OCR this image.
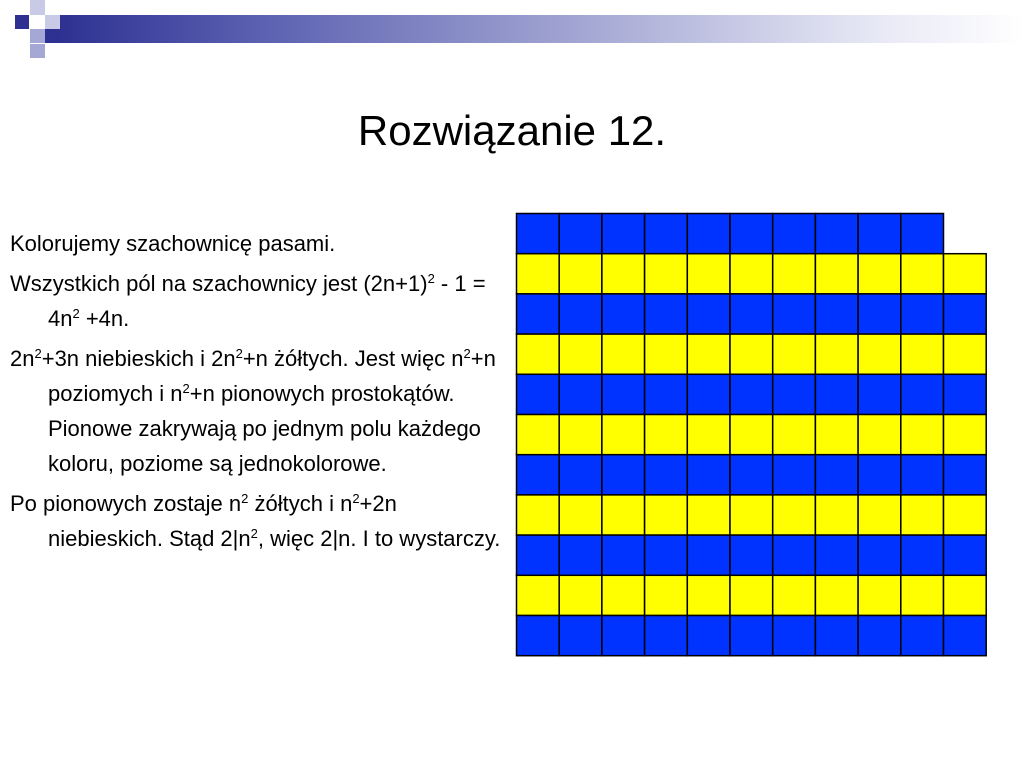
Rozwiązanie 12.

Kolorujemy szachownicę pasami.

Wszystkich pól na szachownicy jest $(2n+1)^2 - 1 = 4n^2 +4n$.

$2n^2+3n$ niebieskich i $2n^2+n$ żółtych. Jest więc $n^2+n$ poziomych i $n^2+n$ pionowych prostokątów. Pionowe zakrywają po jednym polu każdego koloru, poziome są jednokolorowe.

Po pionowych zostaje $n^2$ żółtych i $n^2+2n$ niebieskich. Stąd $2|n^2$, więc 2|n. I to wystarczy.
